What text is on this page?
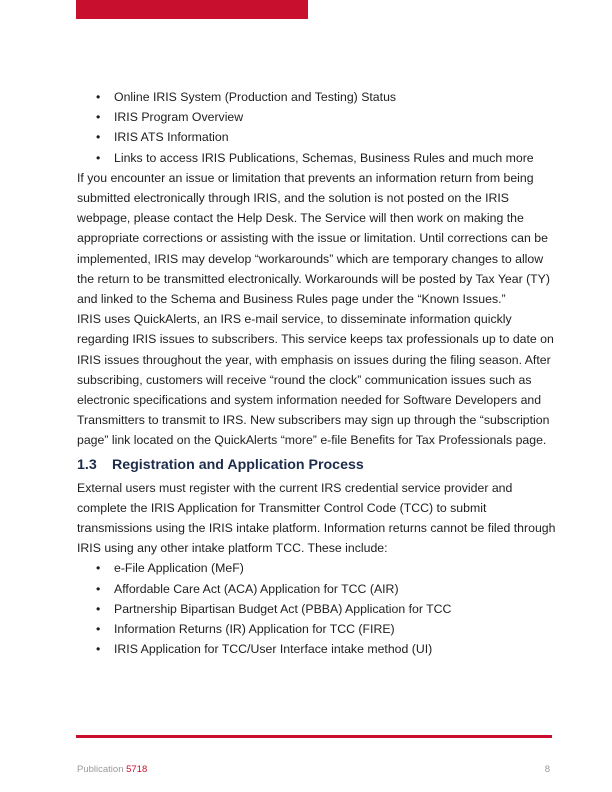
• Online IRIS System (Production and Testing) Status
• IRIS Program Overview
• IRIS ATS Information
• Links to access IRIS Publications, Schemas, Business Rules and much more

If you encounter an issue or limitation that prevents an information return from being submitted electronically through IRIS, and the solution is not posted on the IRIS webpage, please contact the Help Desk. The Service will then work on making the appropriate corrections or assisting with the issue or limitation. Until corrections can be implemented, IRIS may develop “workarounds” which are temporary changes to allow the return to be transmitted electronically. Workarounds will be posted by Tax Year (TY) and linked to the Schema and Business Rules page under the “Known Issues.”

IRIS uses QuickAlerts, an IRS e-mail service, to disseminate information quickly regarding IRIS issues to subscribers. This service keeps tax professionals up to date on IRIS issues throughout the year, with emphasis on issues during the filing season. After subscribing, customers will receive “round the clock” communication issues such as electronic specifications and system information needed for Software Developers and Transmitters to transmit to IRS. New subscribers may sign up through the “subscription page” link located on the QuickAlerts “more” e-file Benefits for Tax Professionals page.

1.3 Registration and Application Process

External users must register with the current IRS credential service provider and complete the IRIS Application for Transmitter Control Code (TCC) to submit transmissions using the IRIS intake platform. Information returns cannot be filed through IRIS using any other intake platform TCC. These include:

• e-File Application (MeF)
• Affordable Care Act (ACA) Application for TCC (AIR)
• Partnership Bipartisan Budget Act (PBBA) Application for TCC
• Information Returns (IR) Application for TCC (FIRE)
• IRIS Application for TCC/User Interface intake method (UI)
Publication 5718	8
